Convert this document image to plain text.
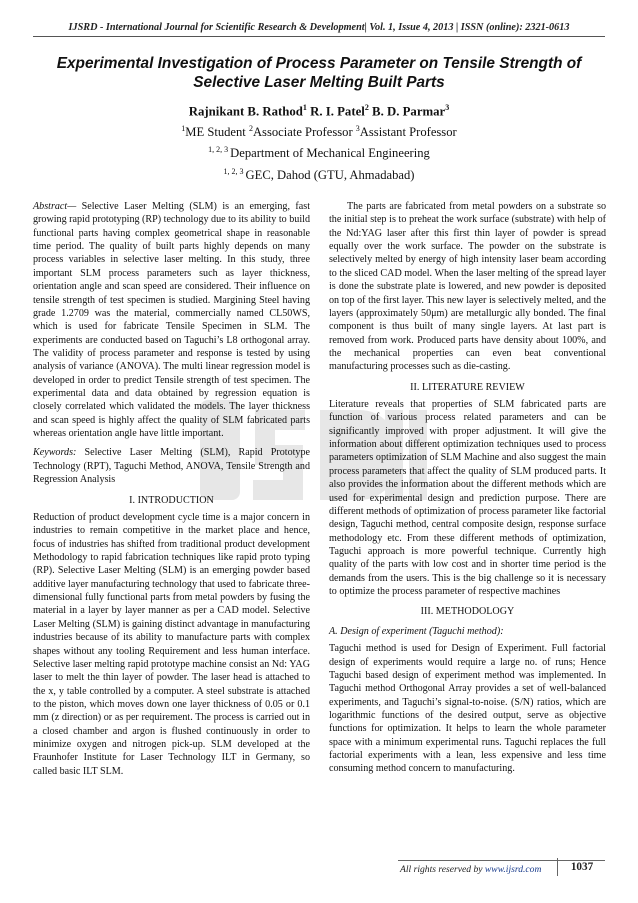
IJSRD - International Journal for Scientific Research & Development| Vol. 1, Issue 4, 2013 | ISSN (online): 2321-0613
Experimental Investigation of Process Parameter on Tensile Strength of Selective Laser Melting Built Parts
Rajnikant B. Rathod$^1$ R. I. Patel$^2$ B. D. Parmar$^3$
$^1$ME Student $^2$Associate Professor $^3$Assistant Professor
$^{1, 2, 3}$ Department of Mechanical Engineering
$^{1, 2, 3}$ GEC, Dahod (GTU, Ahmadabad)

Abstract— Selective Laser Melting (SLM) is an emerging, fast growing rapid prototyping (RP) technology due to its ability to build functional parts having complex geometrical shape in reasonable time period. The quality of built parts highly depends on many process variables in selective laser melting. In this study, three important SLM process parameters such as layer thickness, orientation angle and scan speed are considered. Their influence on tensile strength of test specimen is studied. Margining Steel having grade 1.2709 was the material, commercially named CL50WS, which is used for fabricate Tensile Specimen in SLM. The experiments are conducted based on Taguchi’s L8 orthogonal array. The validity of process parameter and response is tested by using analysis of variance (ANOVA). The multi linear regression model is developed in order to predict Tensile strength of test specimen. The experimental data and data obtained by regression equation is closely correlated which validated the models. The layer thickness and scan speed is highly affect the quality of SLM fabricated parts whereas orientation angle have little important.

Keywords: Selective Laser Melting (SLM), Rapid Prototype Technology (RPT), Taguchi Method, ANOVA, Tensile Strength and Regression Analysis

I. INTRODUCTION

Reduction of product development cycle time is a major concern in industries to remain competitive in the market place and hence, focus of industries has shifted from traditional product development Methodology to rapid fabrication techniques like rapid proto typing (RP). Selective Laser Melting (SLM) is an emerging powder based additive layer manufacturing technology that used to fabricate three-dimensional fully functional parts from metal powders by fusing the material in a layer by layer manner as per a CAD model. Selective Laser Melting (SLM) is gaining distinct advantage in manufacturing industries because of its ability to manufacture parts with complex shapes without any tooling Requirement and less human interface. Selective laser melting rapid prototype machine consist an Nd: YAG laser to melt the thin layer of powder. The laser head is attached to the x, y table controlled by a computer. A steel substrate is attached to the piston, which moves down one layer thickness of 0.05 or 0.1 mm (z direction) or as per requirement. The process is carried out in a closed chamber and argon is flushed continuously in order to minimize oxygen and nitrogen pick-up. SLM developed at the Fraunhofer Institute for Laser Technology ILT in Germany, so called basic ILT SLM.

The parts are fabricated from metal powders on a substrate so the initial step is to preheat the work surface (substrate) with help of the Nd:YAG laser after this first thin layer of powder is spread equally over the work surface. The powder on the substrate is selectively melted by energy of high intensity laser beam according to the sliced CAD model. When the laser melting of the spread layer is done the substrate plate is lowered, and new powder is deposited on top of the first layer. This new layer is selectively melted, and the layers (approximately 50μm) are metallurgic ally bonded. The final component is thus built of many single layers. At last part is removed from work. Produced parts have density about 100%, and the mechanical properties can even beat conventional manufacturing processes such as die-casting.

II. LITERATURE REVIEW

Literature reveals that properties of SLM fabricated parts are function of various process related parameters and can be significantly improved with proper adjustment. It will give the information about different optimization techniques used to process parameters optimization of SLM Machine and also suggest the main process parameters that affect the quality of SLM produced parts. It also provides the information about the different methods which are used for experimental design and prediction purpose. There are different methods of optimization of process parameter like factorial design, Taguchi method, central composite design, response surface methodology etc. From these different methods of optimization, Taguchi approach is more powerful technique. Currently high quality of the parts with low cost and in shorter time period is the demands from the users. This is the big challenge so it is necessary to optimize the process parameter of respective machines

III. METHODOLOGY
A. Design of experiment (Taguchi method):

Taguchi method is used for Design of Experiment. Full factorial design of experiments would require a large no. of runs; Hence Taguchi based design of experiment method was implemented. In Taguchi method Orthogonal Array provides a set of well-balanced experiments, and Taguchi’s signal-to-noise. (S/N) ratios, which are logarithmic functions of the desired output, serve as objective functions for optimization. It helps to learn the whole parameter space with a minimum experimental runs. Taguchi replaces the full factorial experiments with a lean, less expensive and less time consuming method concern to manufacturing.

All rights reserved by www.ijsrd.com	1037
